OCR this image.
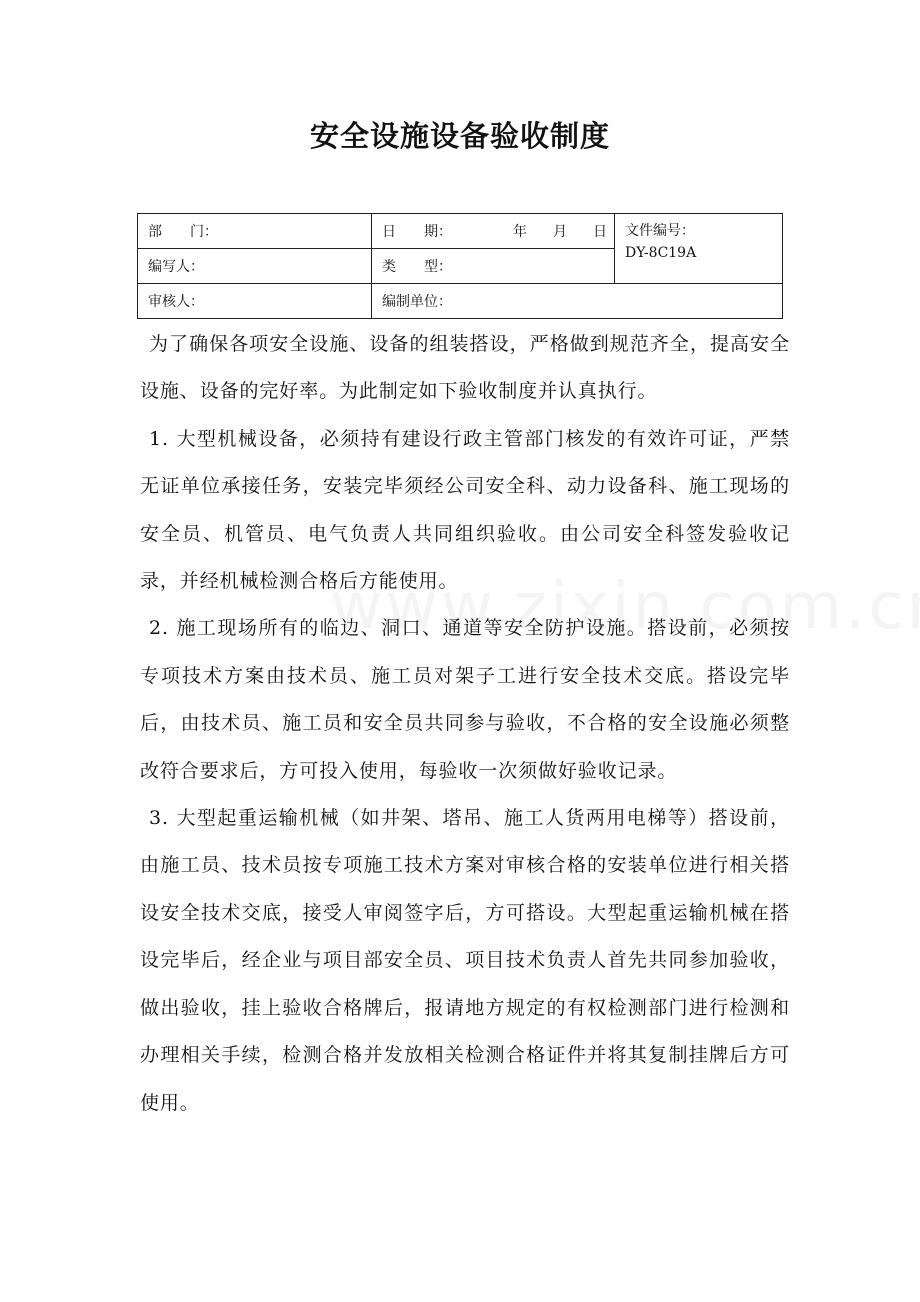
安全设施设备验收制度
部　　门：	日　　期： 年 月 日	文件编号：
DY-8C19A

编写人：	类　　型：	
审核人：	编制单位：	

为了确保各项安全设施、设备的组装搭设，严格做到规范齐全，提高安全设施、设备的完好率。为此制定如下验收制度并认真执行。

1. 大型机械设备，必须持有建设行政主管部门核发的有效许可证，严禁无证单位承接任务，安装完毕须经公司安全科、动力设备科、施工现场的安全员、机管员、电气负责人共同组织验收。由公司安全科签发验收记录，并经机械检测合格后方能使用。

2. 施工现场所有的临边、洞口、通道等安全防护设施。搭设前，必须按专项技术方案由技术员、施工员对架子工进行安全技术交底。搭设完毕后，由技术员、施工员和安全员共同参与验收，不合格的安全设施必须整改符合要求后，方可投入使用，每验收一次须做好验收记录。

3. 大型起重运输机械（如井架、塔吊、施工人货两用电梯等）搭设前，由施工员、技术员按专项施工技术方案对审核合格的安装单位进行相关搭设安全技术交底，接受人审阅签字后，方可搭设。大型起重运输机械在搭设完毕后，经企业与项目部安全员、项目技术负责人首先共同参加验收，做出验收，挂上验收合格牌后，报请地方规定的有权检测部门进行检测和办理相关手续，检测合格并发放相关检测合格证件并将其复制挂牌后方可使用。
